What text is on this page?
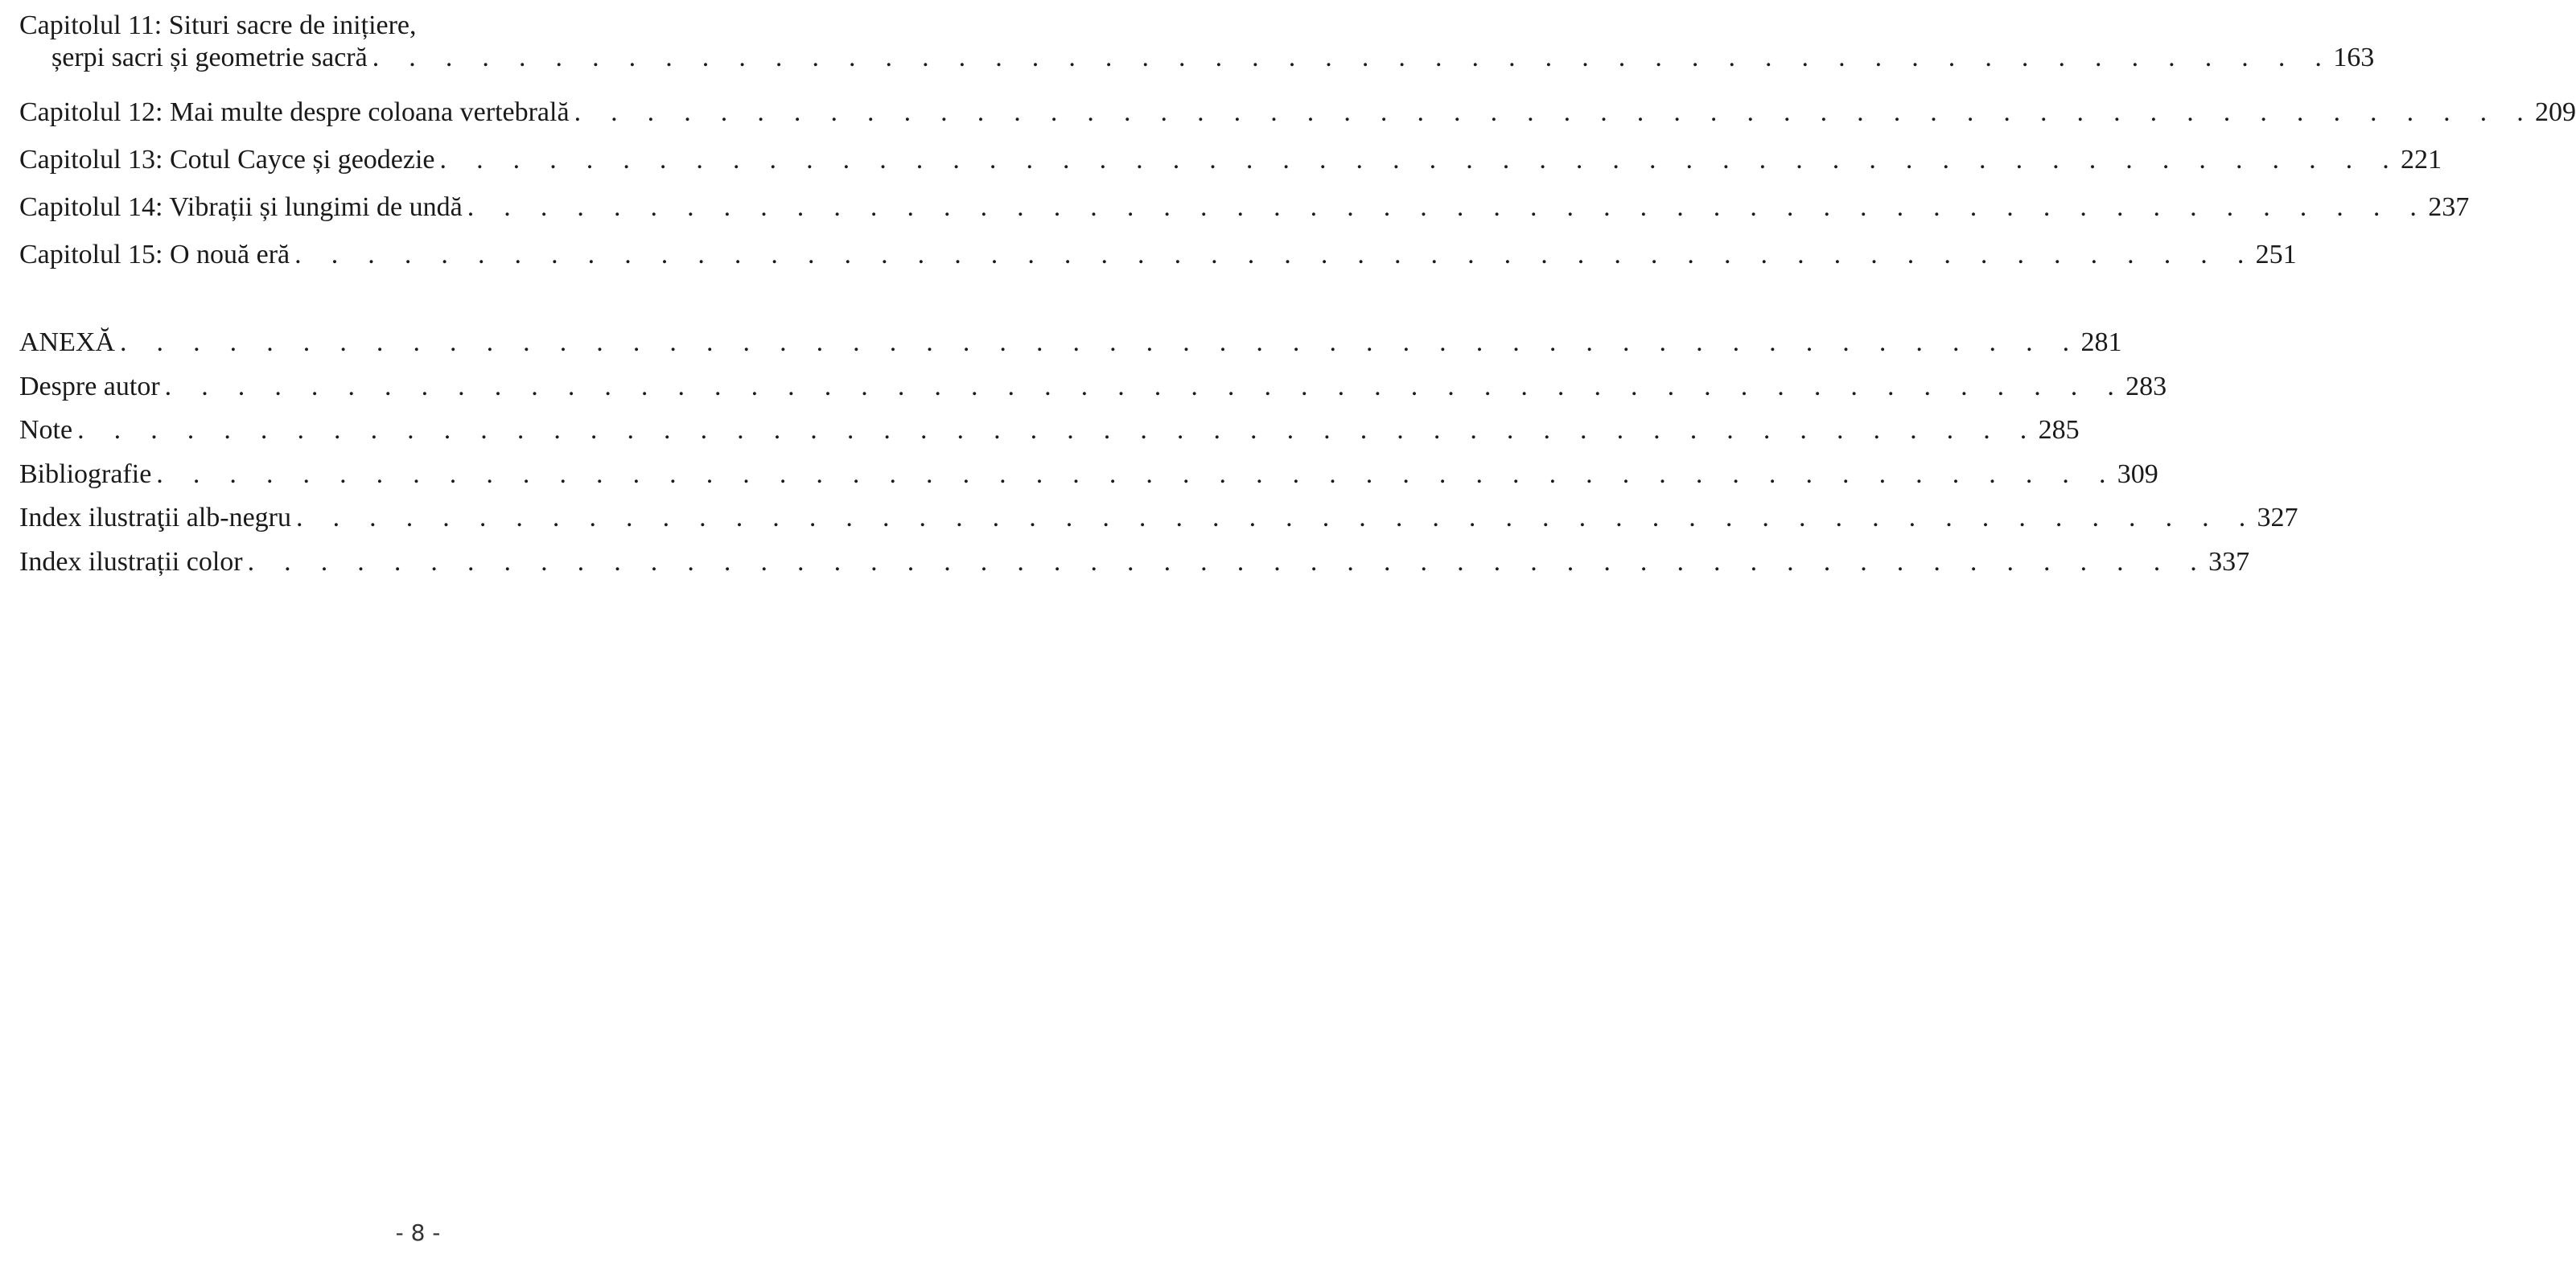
Capitolul 11: Situri sacre de inițiere,
șerpi sacri și geometrie sacră . . . . . . . . . . . . . . . . . . . . . . . . . . . . . . . . . . . . . . . . . . . . . . . . . . . . . . 163
Capitolul 12: Mai multe despre coloana vertebrală . . . . . . . . . . . . . . . . . . . . . . . . . . . . . . . . . . . . . . . . . . . . . . . . . . . . . . 209
Capitolul 13: Cotul Cayce și geodezie . . . . . . . . . . . . . . . . . . . . . . . . . . . . . . . . . . . . . . . . . . . . . . . . . . . . . . 221
Capitolul 14: Vibrații și lungimi de undă . . . . . . . . . . . . . . . . . . . . . . . . . . . . . . . . . . . . . . . . . . . . . . . . . . . . . . 237
Capitolul 15: O nouă eră . . . . . . . . . . . . . . . . . . . . . . . . . . . . . . . . . . . . . . . . . . . . . . . . . . . . . . 251
ANEXĂ . . . . . . . . . . . . . . . . . . . . . . . . . . . . . . . . . . . . . . . . . . . . . . . . . . . . . . 281
Despre autor . . . . . . . . . . . . . . . . . . . . . . . . . . . . . . . . . . . . . . . . . . . . . . . . . . . . . . 283
Note . . . . . . . . . . . . . . . . . . . . . . . . . . . . . . . . . . . . . . . . . . . . . . . . . . . . . . 285
Bibliografie . . . . . . . . . . . . . . . . . . . . . . . . . . . . . . . . . . . . . . . . . . . . . . . . . . . . . . 309
Index ilustraţii alb-negru . . . . . . . . . . . . . . . . . . . . . . . . . . . . . . . . . . . . . . . . . . . . . . . . . . . . . . 327
Index ilustrații color . . . . . . . . . . . . . . . . . . . . . . . . . . . . . . . . . . . . . . . . . . . . . . . . . . . . . . 337
- 8 -
